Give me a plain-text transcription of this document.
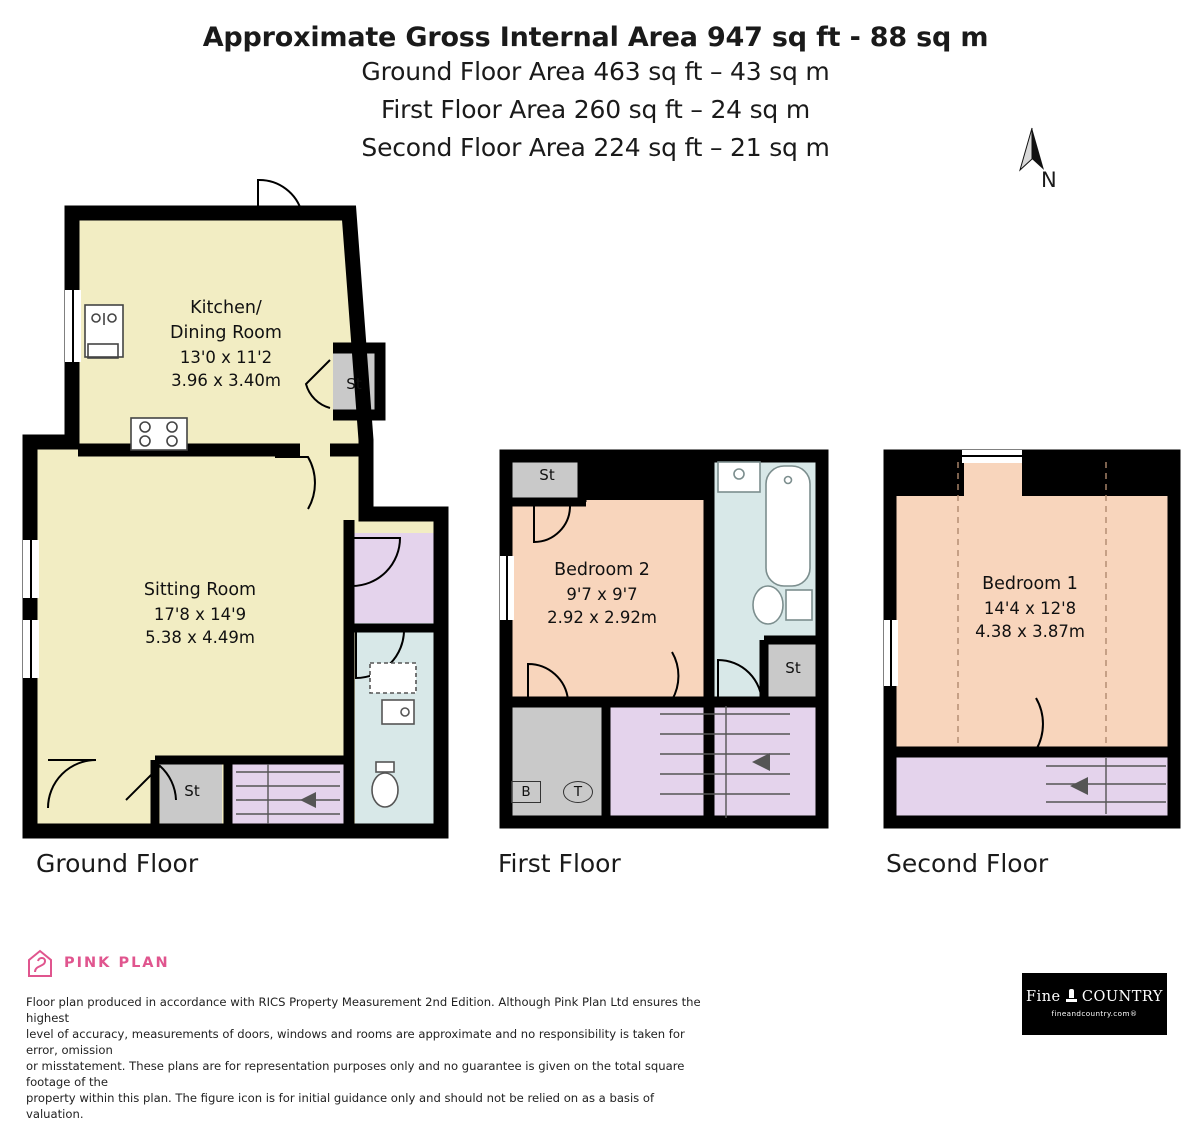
Approximate Gross Internal Area 947 sq ft - 88 sq m
Ground Floor Area 463 sq ft – 43 sq m
First Floor Area 260 sq ft – 24 sq m
Second Floor Area 224 sq ft – 21 sq m
N
Kitchen/
Dining Room
13'0 x 11'2
3.96 x 3.40m
Sitting Room
17'8 x 14'9
5.38 x 4.49m
Bedroom 2
9'7 x 9'7
2.92 x 2.92m
Bedroom 1
14'4 x 12'8
4.38 x 3.87m
St
St
St
St
B	T
Ground Floor	First Floor	Second Floor
PINK PLAN
Floor plan produced in accordance with RICS Property Measurement 2nd Edition. Although Pink Plan Ltd ensures the highest
level of accuracy, measurements of doors, windows and rooms are approximate and no responsibility is taken for error, omission
or misstatement. These plans are for representation purposes only and no guarantee is given on the total square footage of the
property within this plan. The figure icon is for initial guidance only and should not be relied on as a basis of valuation.
Fine COUNTRY
fineandcountry.com®
